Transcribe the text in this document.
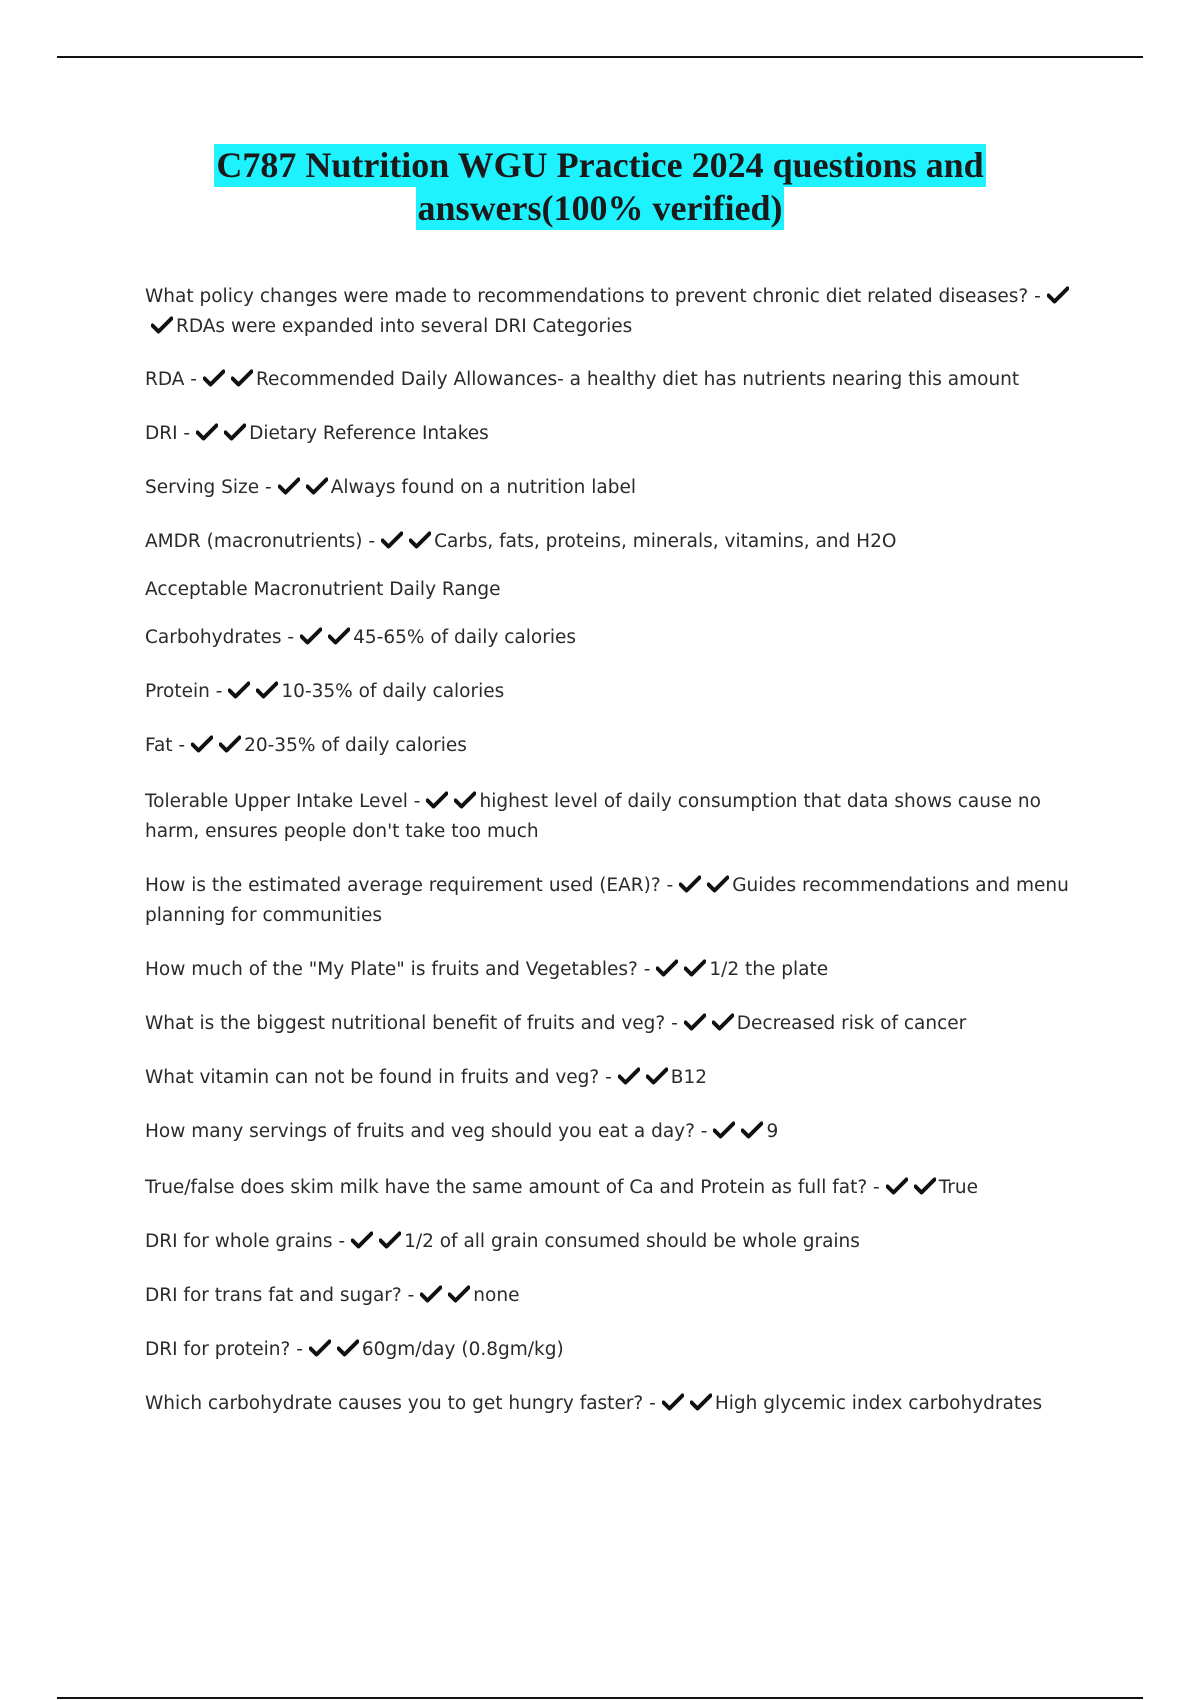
C787 Nutrition WGU Practice 2024 questions and
answers(100% verified)

What policy changes were made to recommendations to prevent chronic diet related diseases? -
RDAs were expanded into several DRI Categories

RDA -	Recommended Daily Allowances- a healthy diet has nutrients nearing this amount

DRI -	Dietary Reference Intakes

Serving Size -	Always found on a nutrition label

AMDR (macronutrients) -	Carbs, fats, proteins, minerals, vitamins, and H2O

Acceptable Macronutrient Daily Range

Carbohydrates -	45-65% of daily calories

Protein -	10-35% of daily calories

Fat -	20-35% of daily calories

Tolerable Upper Intake Level -	highest level of daily consumption that data shows cause no harm, ensures people don't take too much

How is the estimated average requirement used (EAR)? -	Guides recommendations and menu planning for communities

How much of the "My Plate" is fruits and Vegetables? -	1/2 the plate

What is the biggest nutritional benefit of fruits and veg? -	Decreased risk of cancer

What vitamin can not be found in fruits and veg? -	B12

How many servings of fruits and veg should you eat a day? -	9

True/false does skim milk have the same amount of Ca and Protein as full fat? -	True

DRI for whole grains -	1/2 of all grain consumed should be whole grains

DRI for trans fat and sugar? -	none

DRI for protein? -	60gm/day (0.8gm/kg)

Which carbohydrate causes you to get hungry faster? -	High glycemic index carbohydrates
